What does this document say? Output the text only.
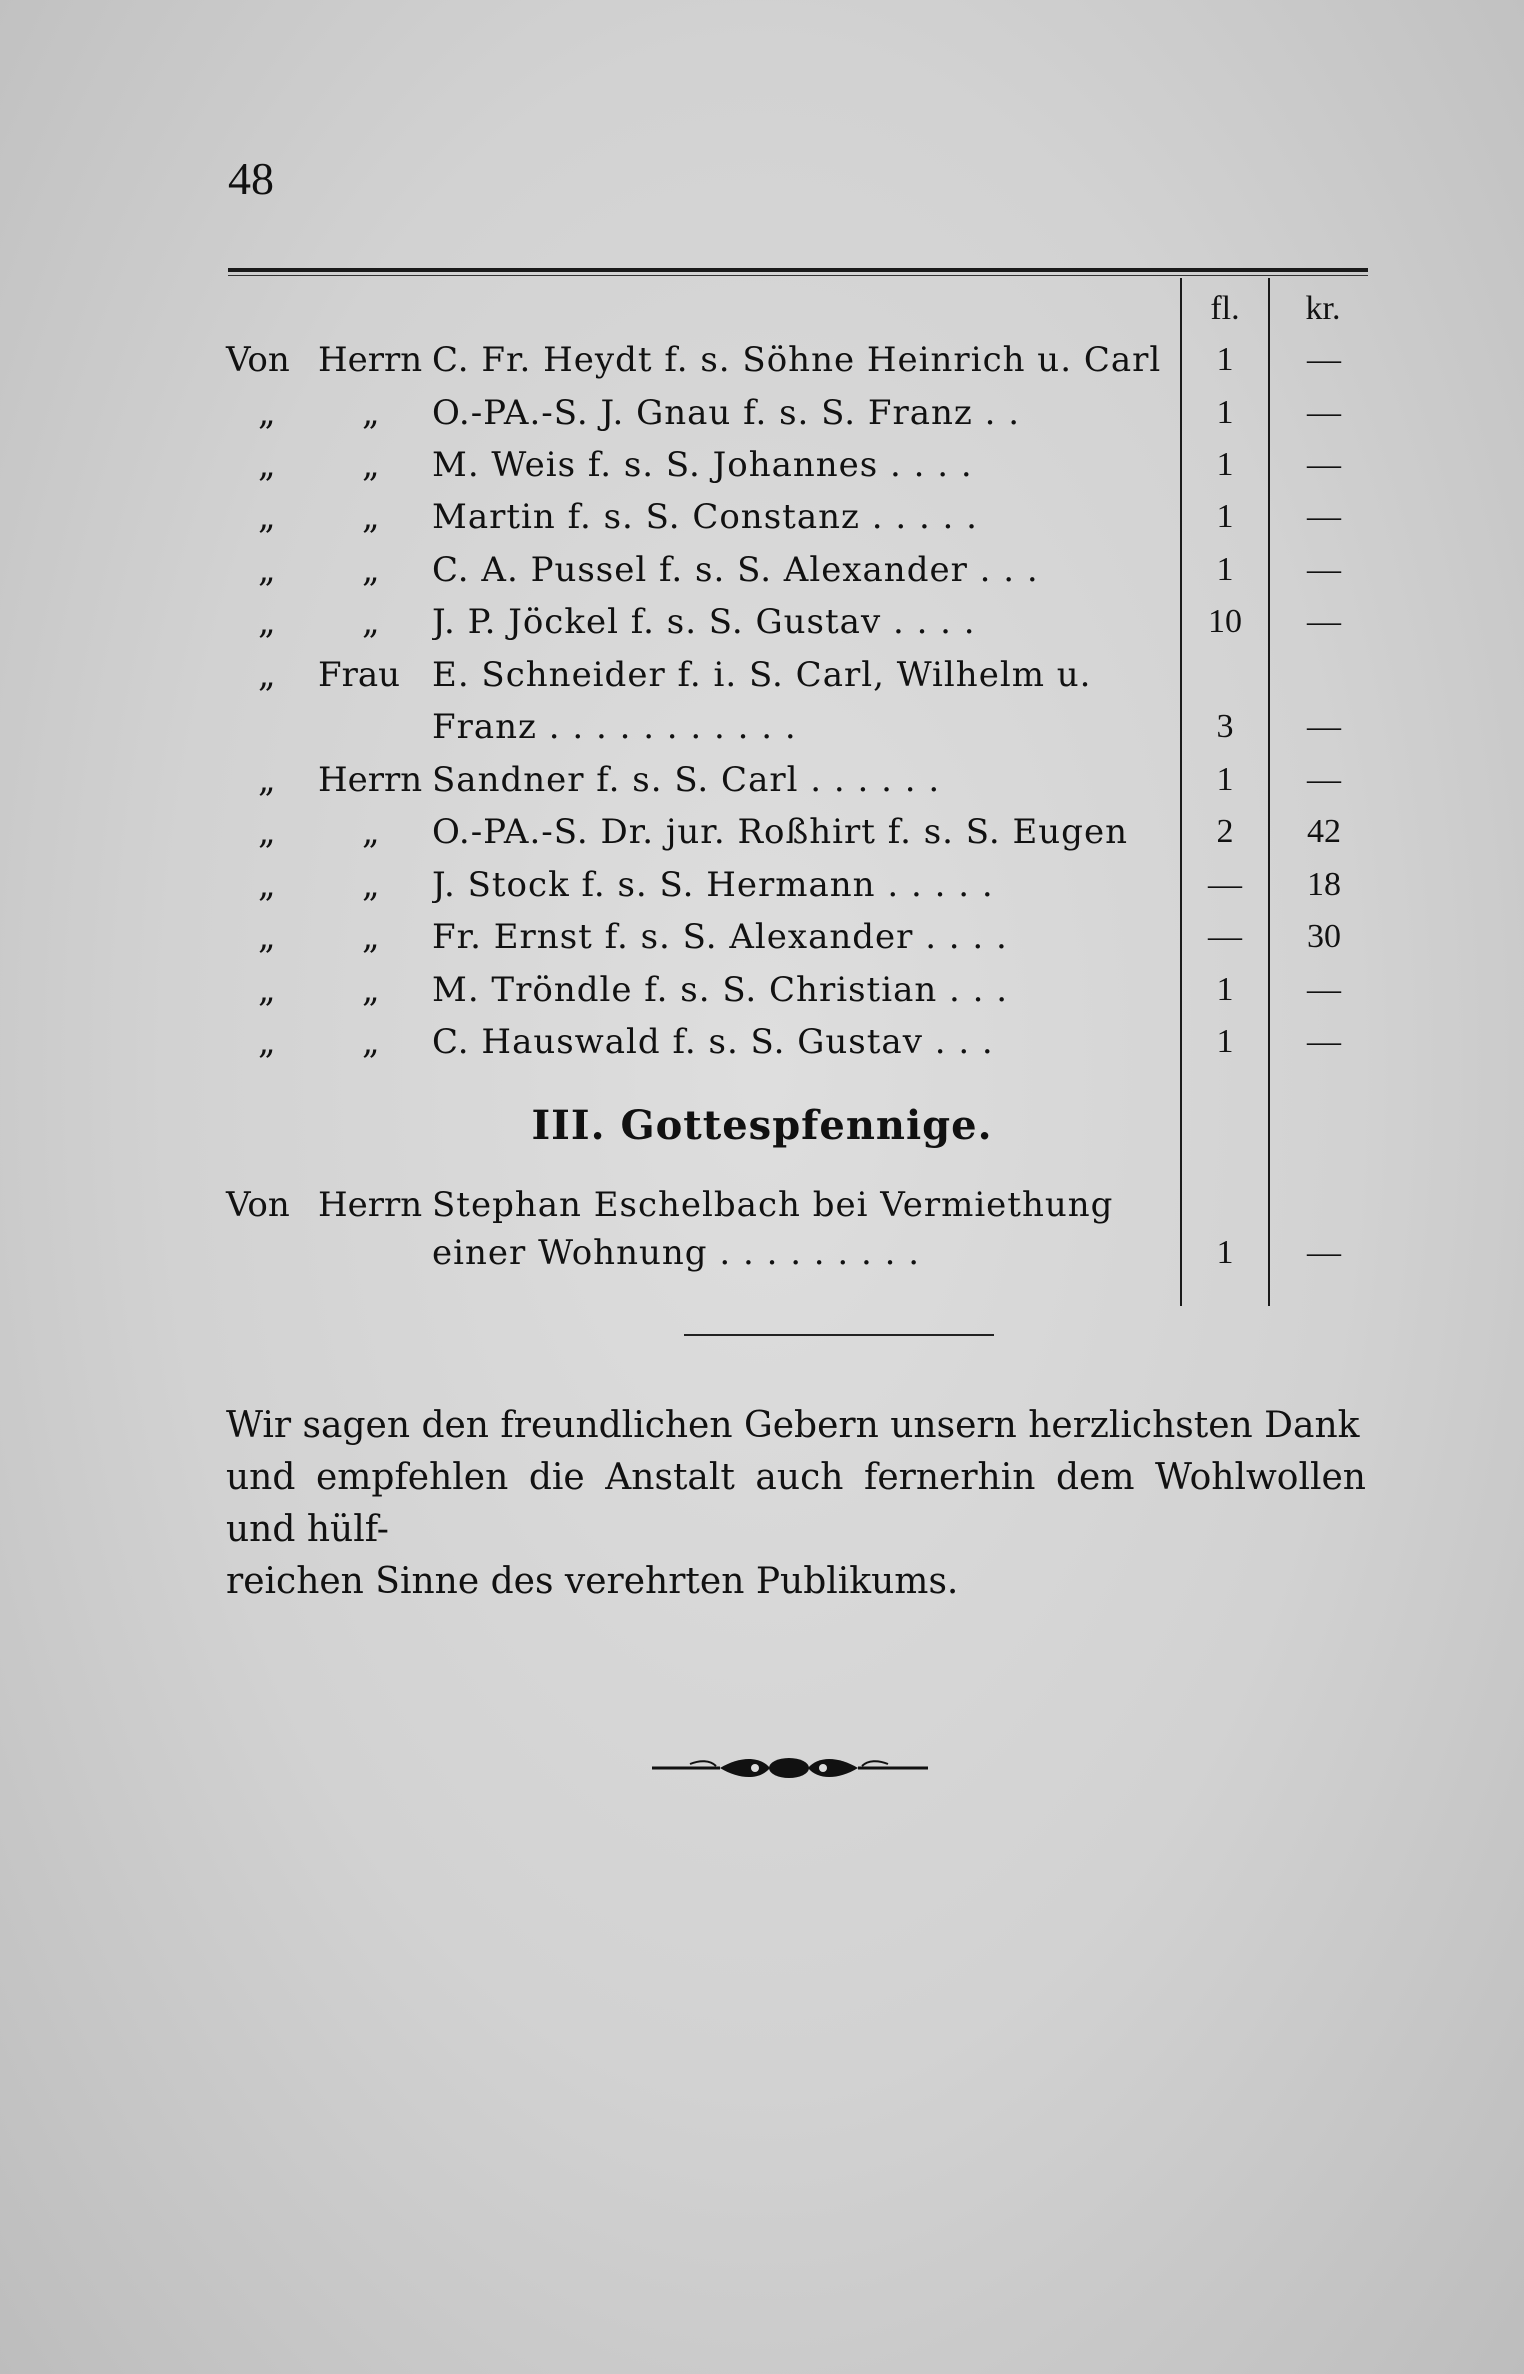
48
fl.	kr.
Von Herrn C. Fr. Heydt f. s. Söhne Heinrich u. Carl	1	—
„	„ O.-PA.-S. J. Gnau f. s. S. Franz . .	1	—
„	„ M. Weis f. s. S. Johannes . . . .	1	—
„	„ Martin f. s. S. Constanz . . . . .	1	—
„	„ C. A. Pussel f. s. S. Alexander . . .	1	—
„	„ J. P. Jöckel f. s. S. Gustav . . . .	10	—
„ Frau E. Schneider f. i. S. Carl, Wilhelm u.
Franz . . . . . . . . . . .	3	—
„ Herrn Sandner f. s. S. Carl . . . . . .	1	—
„	„ O.-PA.-S. Dr. jur. Roßhirt f. s. S. Eugen	2	42
„	„ J. Stock f. s. S. Hermann . . . . .	—	18
„	„ Fr. Ernst f. s. S. Alexander . . . .	—	30
„	„ M. Tröndle f. s. S. Christian . . .	1	—
„	„ C. Hauswald f. s. S. Gustav . . .	1	—
III. Gottespfennige.
Von Herrn Stephan Eschelbach bei Vermiethung
einer Wohnung . . . . . . . . .	1	—

Wir sagen den freundlichen Gebern unsern herzlichsten Dank

und empfehlen die Anstalt auch fernerhin dem Wohlwollen und hülf-

reichen Sinne des verehrten Publikums.
